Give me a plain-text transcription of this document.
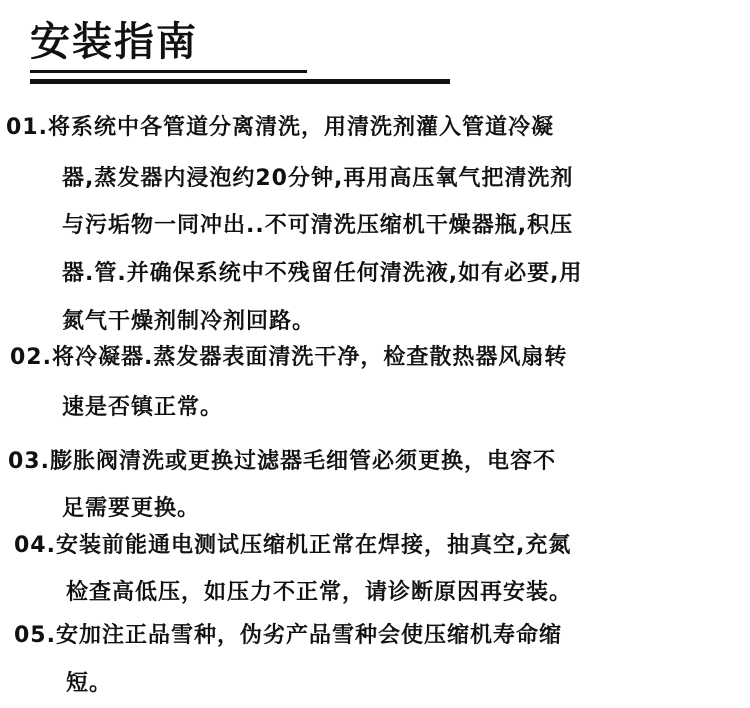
安装指南
01.将系统中各管道分离清洗，用清洗剂灌入管道冷凝
器,蒸发器内浸泡约20分钟,再用高压氧气把清洗剂
与污垢物一同冲出..不可清洗压缩机干燥器瓶,积压
器.管.并确保系统中不残留任何清洗液,如有必要,用
氮气干燥剂制冷剂回路。
02.将冷凝器.蒸发器表面清洗干净，检查散热器风扇转
速是否镇正常。
03.膨胀阀清洗或更换过滤器毛细管必须更换，电容不
足需要更换。
04.安装前能通电测试压缩机正常在焊接，抽真空,充氮
检查高低压，如压力不正常，请诊断原因再安装。
05.安加注正品雪种，伪劣产品雪种会使压缩机寿命缩
短。
